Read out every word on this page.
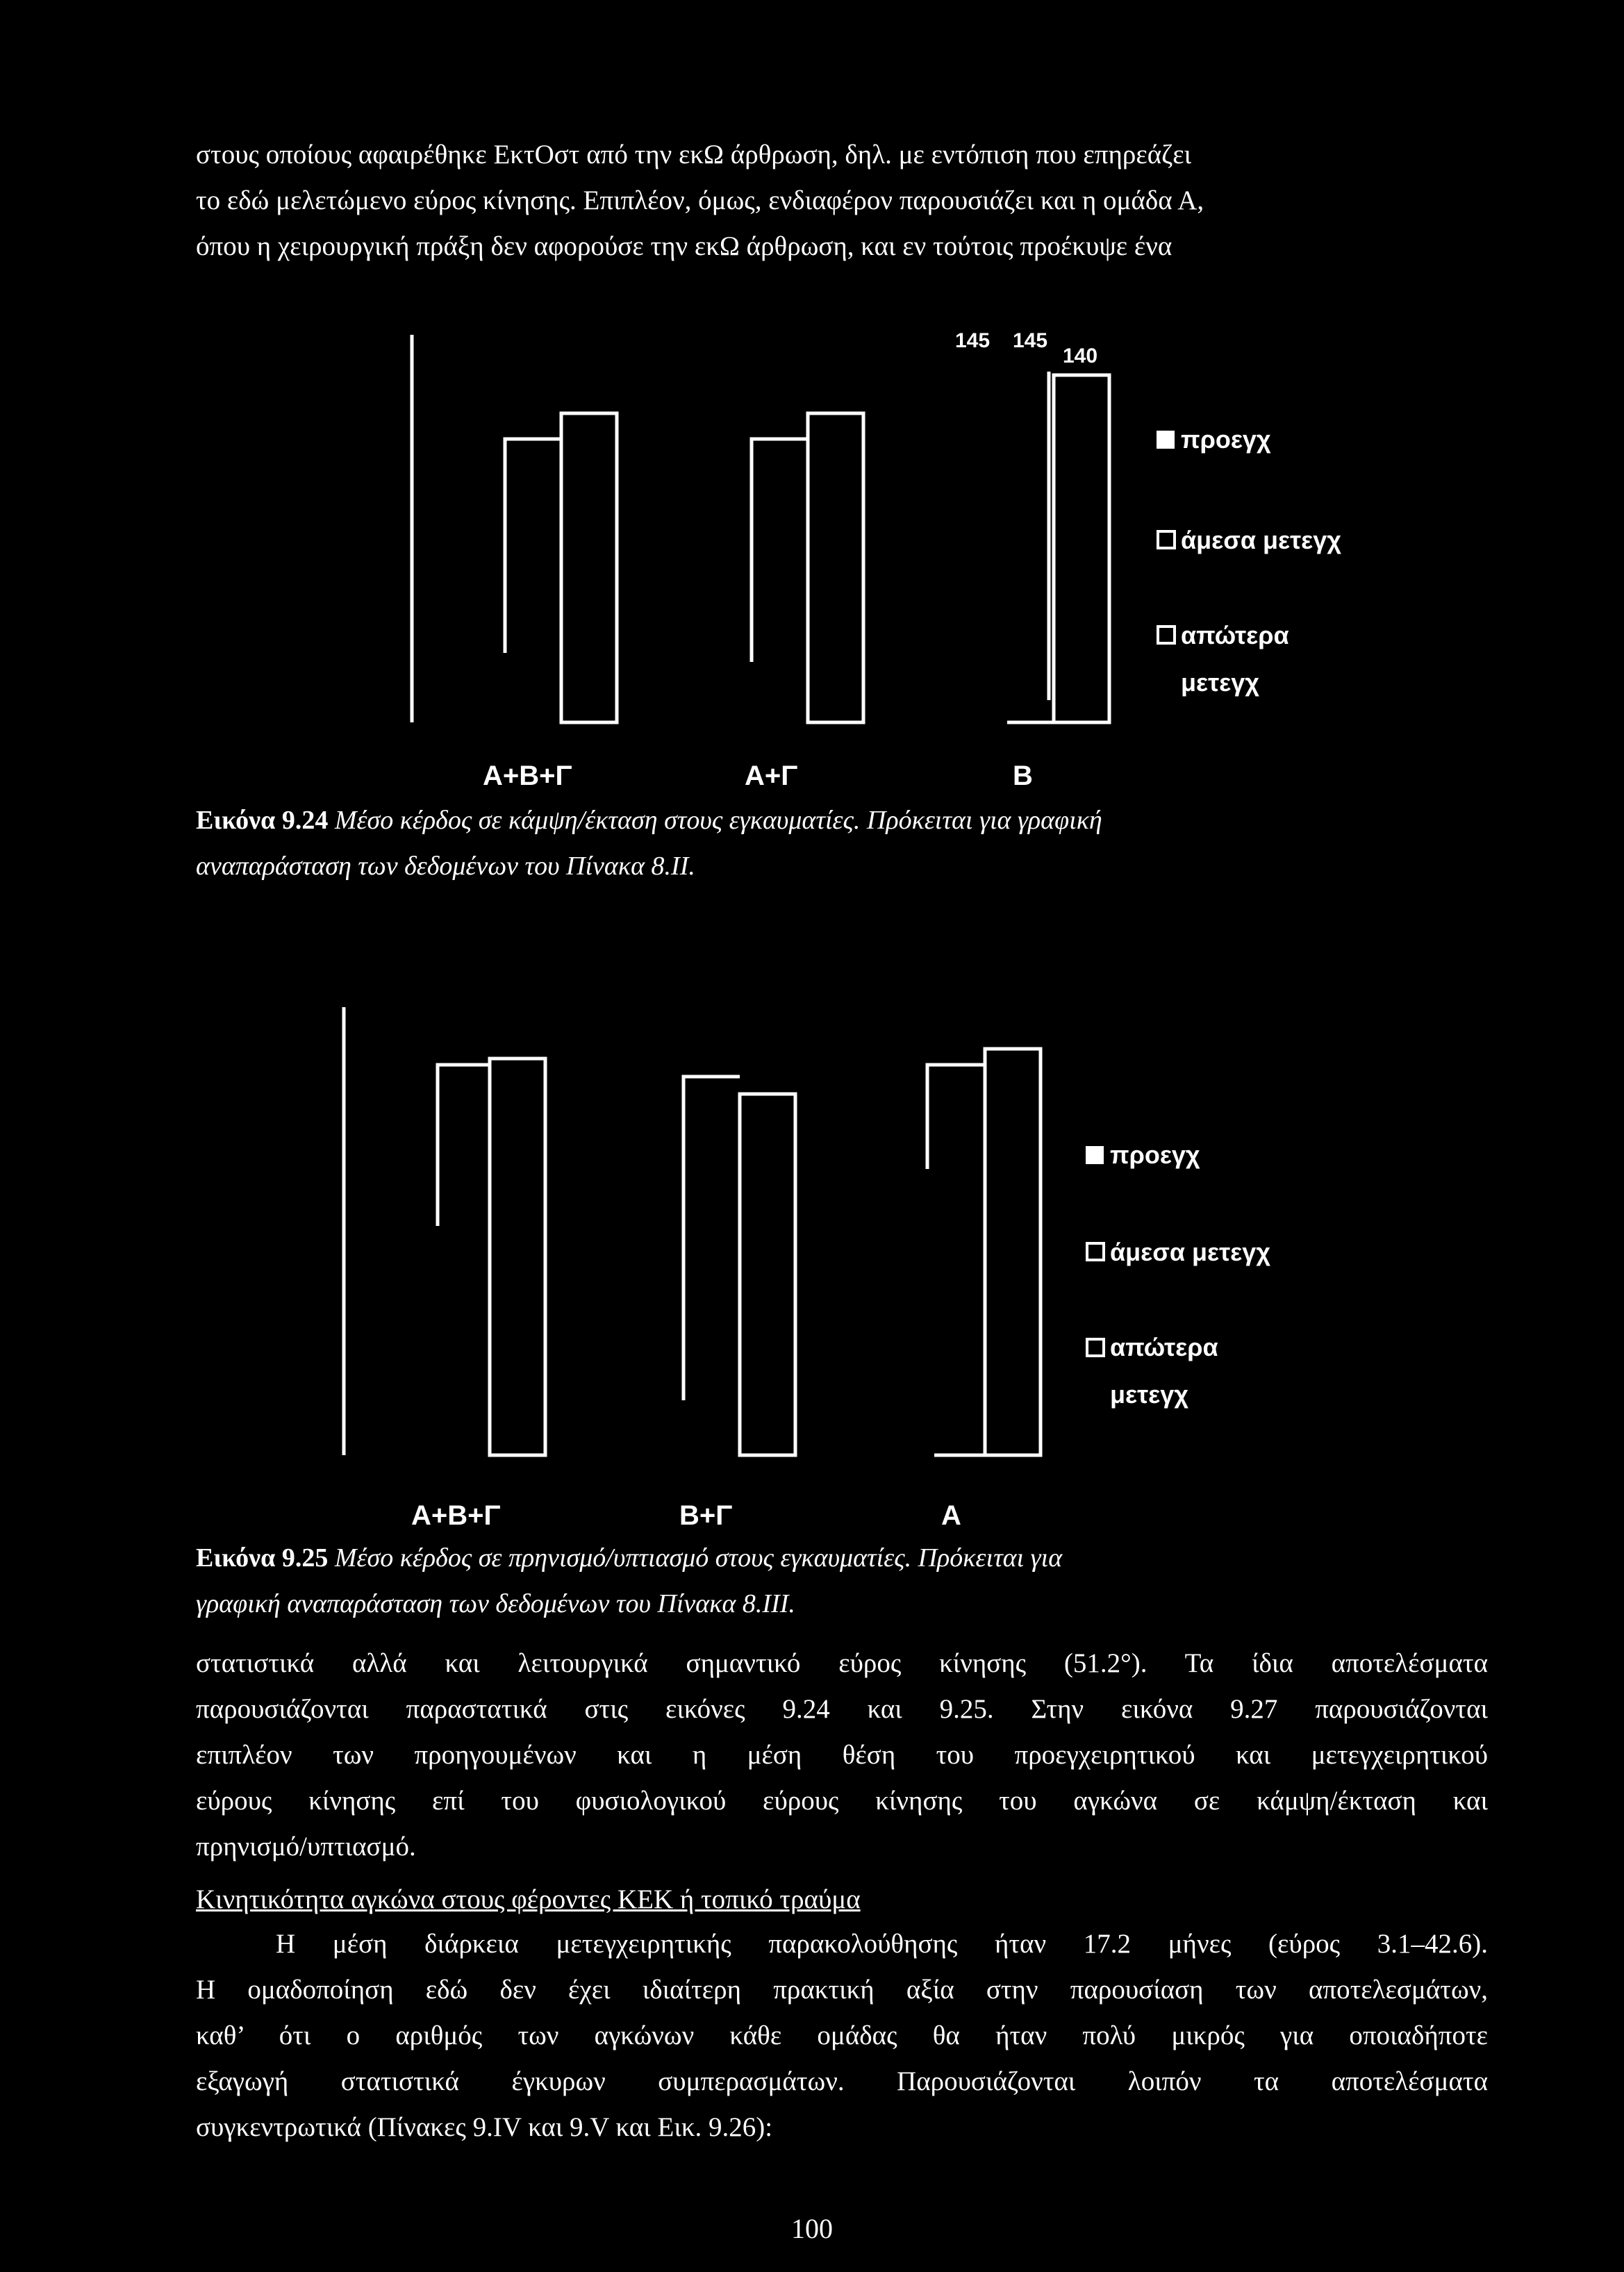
στους οποίους αφαιρέθηκε ΕκτΟστ από την εκΩ άρθρωση, δηλ. με εντόπιση που επηρεάζει
το εδώ μελετώμενο εύρος κίνησης. Επιπλέον, όμως, ενδιαφέρον παρουσιάζει και η ομάδα Α,
όπου η χειρουργική πράξη δεν αφορούσε την εκΩ άρθρωση, και εν τούτοις προέκυψε ένα
145 145
140
προεγχ
άμεσα μετεγχ
απώτερα
μετεγχ
Α+Β+Γ	Α+Γ	Β
προεγχ
άμεσα μετεγχ
απώτερα
μετεγχ
Α+Β+Γ	Β+Γ	Α
Εικόνα 9.24 Μέσο κέρδος σε κάμψη/έκταση στους εγκαυματίες. Πρόκειται για γραφική
αναπαράσταση των δεδομένων του Πίνακα 8.ΙΙ.
Εικόνα 9.25 Μέσο κέρδος σε πρηνισμό/υπτιασμό στους εγκαυματίες. Πρόκειται για
γραφική αναπαράσταση των δεδομένων του Πίνακα 8.ΙΙΙ.
στατιστικά αλλά και λειτουργικά σημαντικό εύρος κίνησης (51.2°). Τα ίδια αποτελέσματα
παρουσιάζονται παραστατικά στις εικόνες 9.24 και 9.25. Στην εικόνα 9.27 παρουσιάζονται
επιπλέον των προηγουμένων και η μέση θέση του προεγχειρητικού και μετεγχειρητικού
εύρους κίνησης επί του φυσιολογικού εύρους κίνησης του αγκώνα σε κάμψη/έκταση και
πρηνισμό/υπτιασμό.
Κινητικότητα αγκώνα στους φέροντες ΚΕΚ ή τοπικό τραύμα
Η μέση διάρκεια μετεγχειρητικής παρακολούθησης ήταν 17.2 μήνες (εύρος 3.1–42.6).
Η ομαδοποίηση εδώ δεν έχει ιδιαίτερη πρακτική αξία στην παρουσίαση των αποτελεσμάτων,
καθ’ ότι ο αριθμός των αγκώνων κάθε ομάδας θα ήταν πολύ μικρός για οποιαδήποτε
εξαγωγή στατιστικά έγκυρων συμπερασμάτων. Παρουσιάζονται λοιπόν τα αποτελέσματα
συγκεντρωτικά (Πίνακες 9.ΙV και 9.V και Εικ. 9.26):
100
